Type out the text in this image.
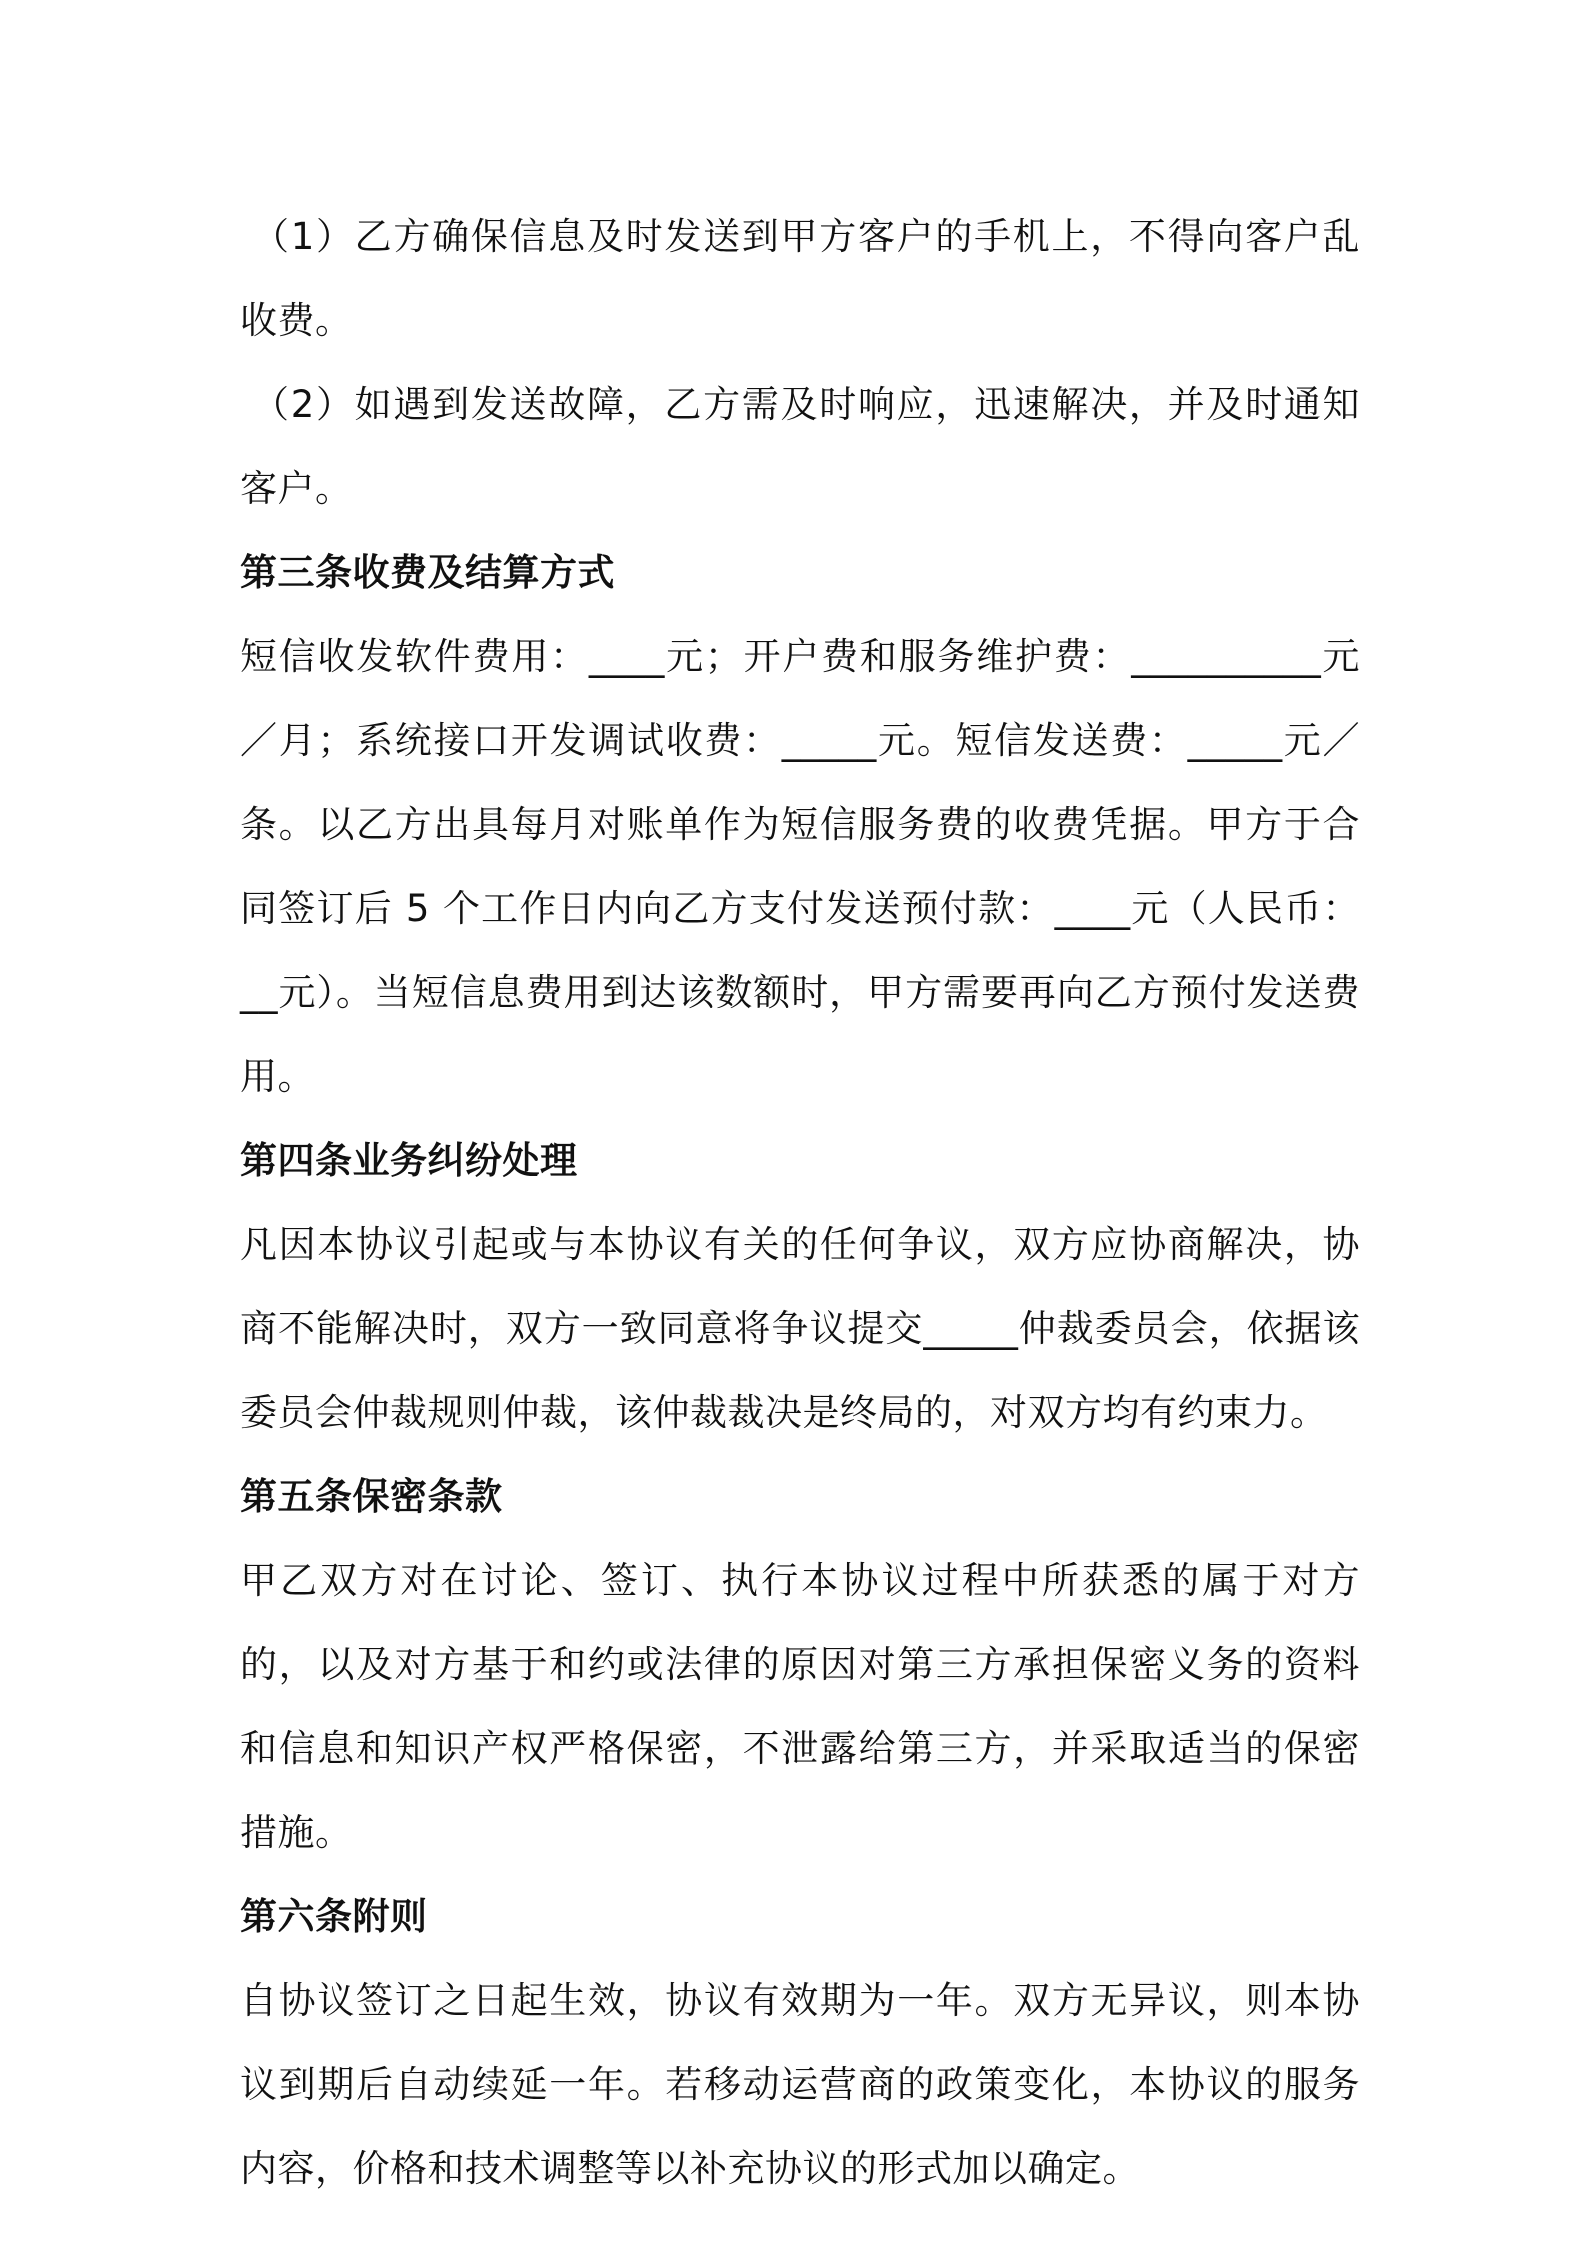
（1）乙方确保信息及时发送到甲方客户的手机上，不得向客户乱收费。

（2）如遇到发送故障，乙方需及时响应，迅速解决，并及时通知客户。

第三条收费及结算方式

短信收发软件费用：____元；开户费和服务维护费：__________元／月；系统接口开发调试收费：_____元。短信发送费：_____元／条。以乙方出具每月对账单作为短信服务费的收费凭据。甲方于合同签订后 5 个工作日内向乙方支付发送预付款：____元（人民币：__元）。当短信息费用到达该数额时，甲方需要再向乙方预付发送费用。

第四条业务纠纷处理

凡因本协议引起或与本协议有关的任何争议，双方应协商解决，协商不能解决时，双方一致同意将争议提交_____仲裁委员会，依据该委员会仲裁规则仲裁，该仲裁裁决是终局的，对双方均有约束力。

第五条保密条款

甲乙双方对在讨论、签订、执行本协议过程中所获悉的属于对方的，以及对方基于和约或法律的原因对第三方承担保密义务的资料和信息和知识产权严格保密，不泄露给第三方，并采取适当的保密措施。

第六条附则

自协议签订之日起生效，协议有效期为一年。双方无异议，则本协议到期后自动续延一年。若移动运营商的政策变化，本协议的服务内容，价格和技术调整等以补充协议的形式加以确定。
